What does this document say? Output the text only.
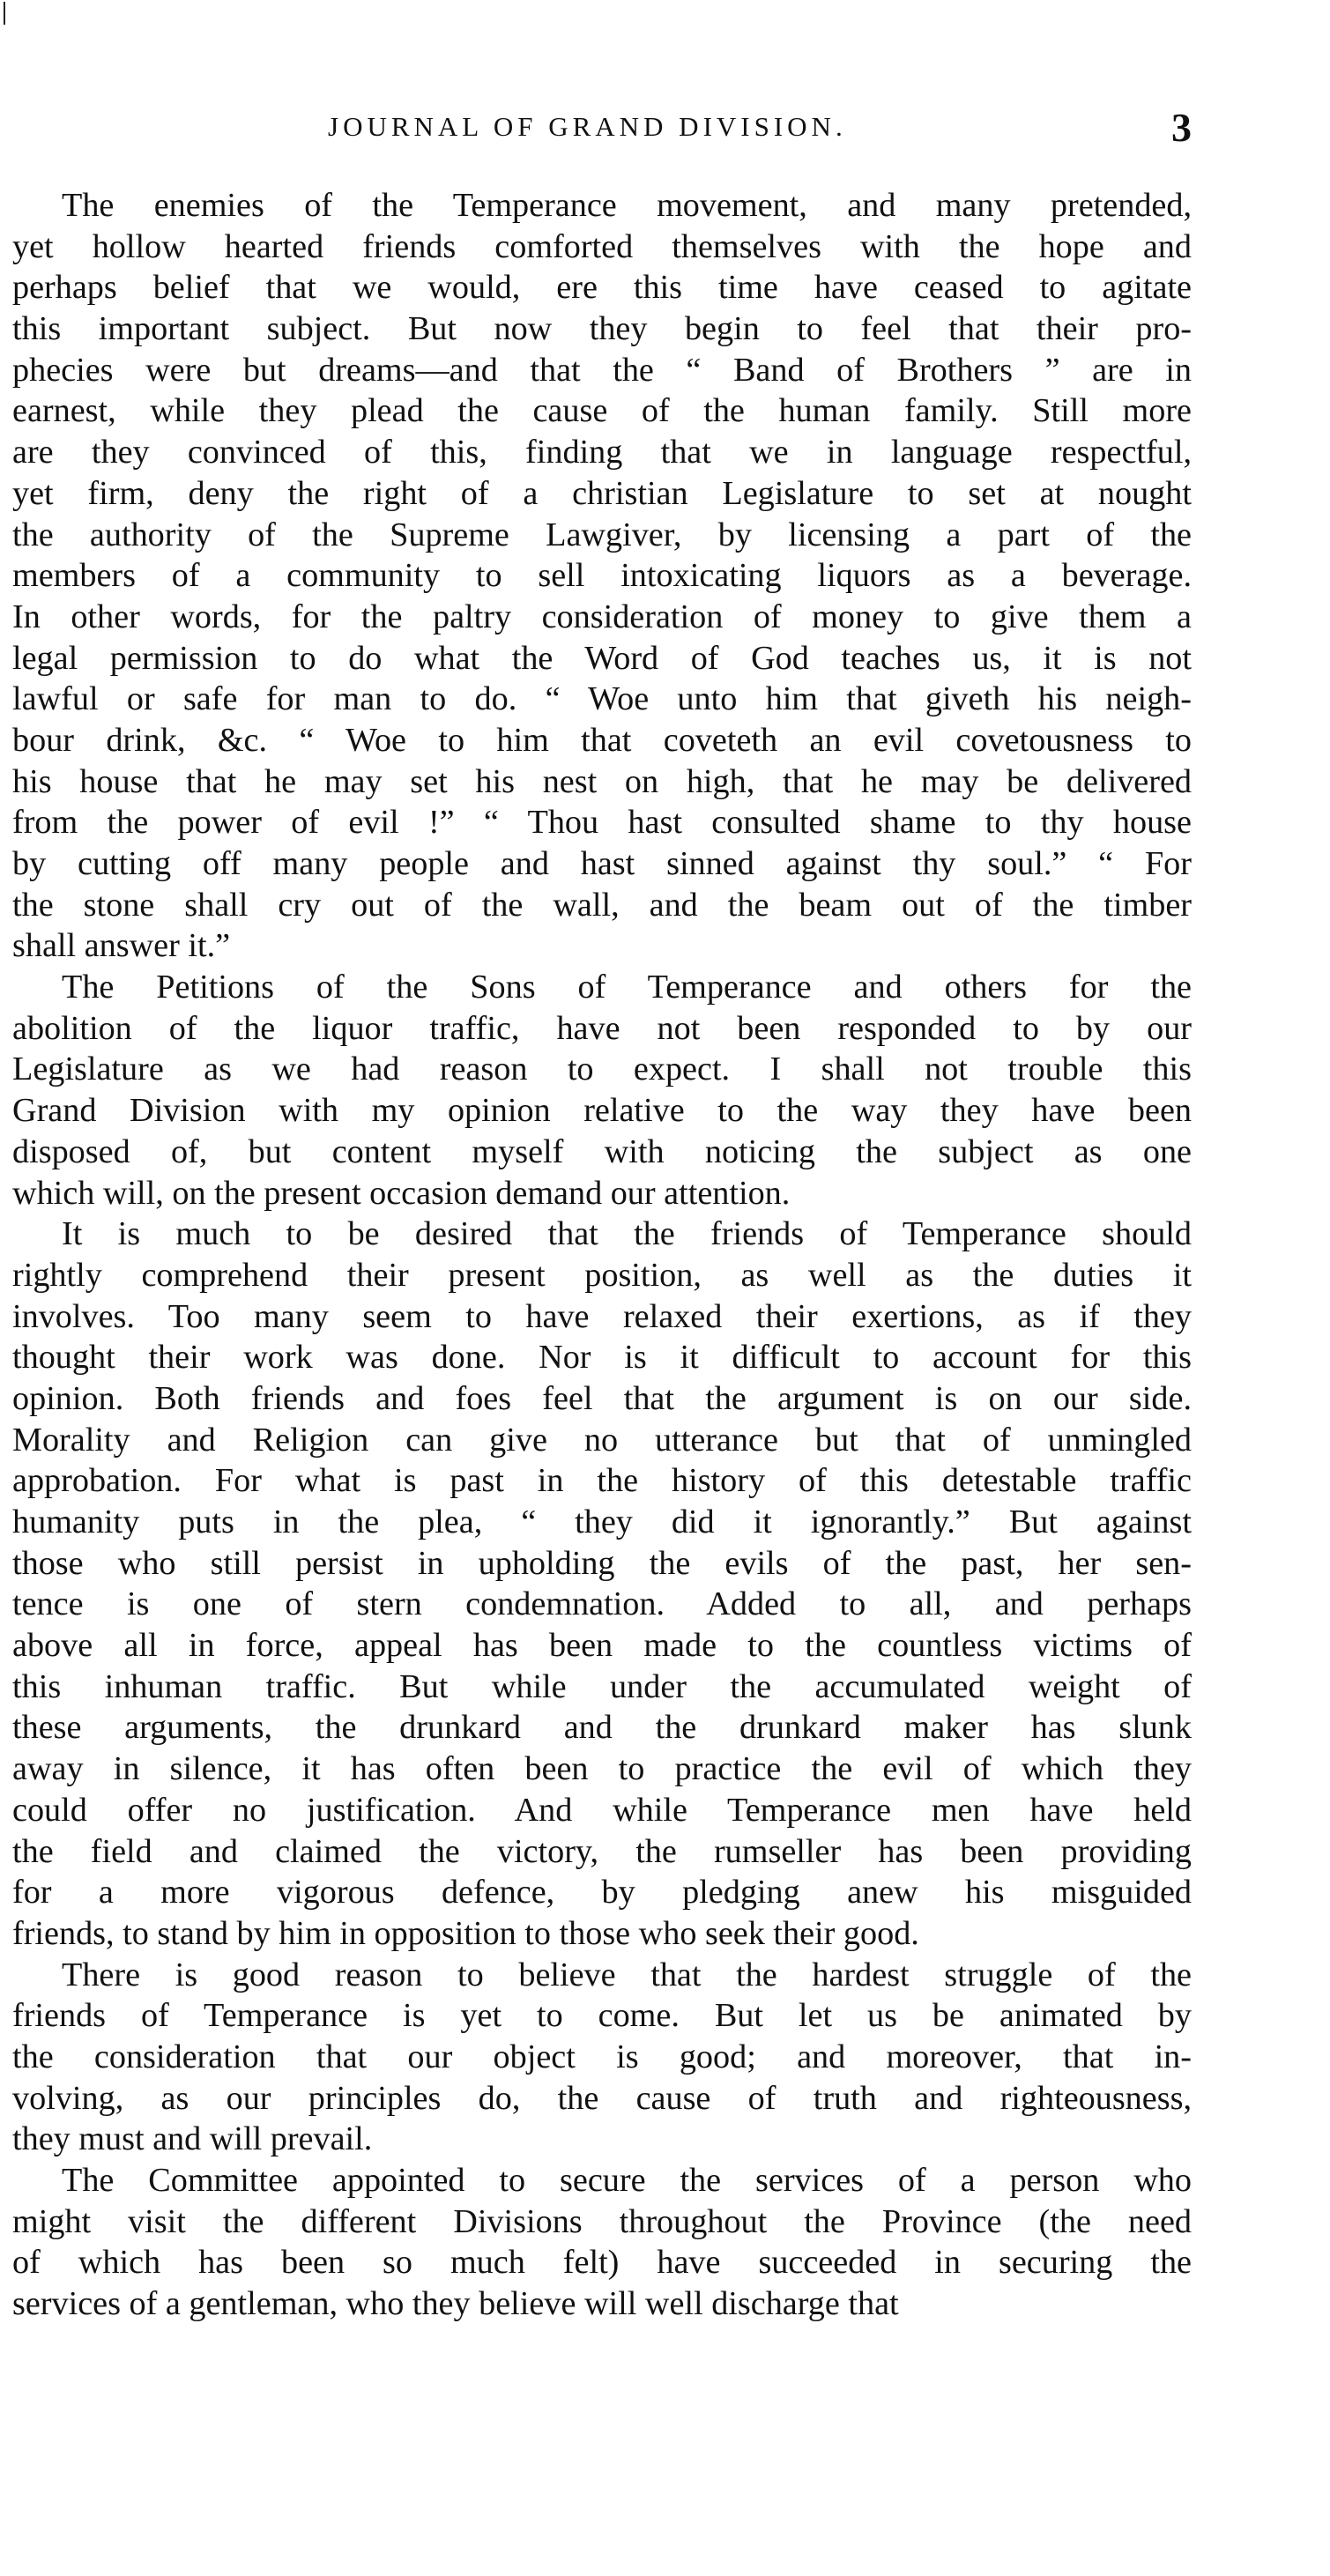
JOURNAL OF GRAND DIVISION.	3

The enemies of the Temperance movement, and many pretended,
yet hollow hearted friends comforted themselves with the hope and
perhaps belief that we would, ere this time have ceased to agitate
this important subject. But now they begin to feel that their pro-
phecies were but dreams—and that the “ Band of Brothers ” are in
earnest, while they plead the cause of the human family. Still more
are they convinced of this, finding that we in language respectful,
yet firm, deny the right of a christian Legislature to set at nought
the authority of the Supreme Lawgiver, by licensing a part of the
members of a community to sell intoxicating liquors as a beverage.
In other words, for the paltry consideration of money to give them a
legal permission to do what the Word of God teaches us, it is not
lawful or safe for man to do. “ Woe unto him that giveth his neigh-
bour drink, &c. “ Woe to him that coveteth an evil covetousness to
his house that he may set his nest on high, that he may be delivered
from the power of evil !” “ Thou hast consulted shame to thy house
by cutting off many people and hast sinned against thy soul.” “ For
the stone shall cry out of the wall, and the beam out of the timber
shall answer it.”

The Petitions of the Sons of Temperance and others for the
abolition of the liquor traffic, have not been responded to by our
Legislature as we had reason to expect. I shall not trouble this
Grand Division with my opinion relative to the way they have been
disposed of, but content myself with noticing the subject as one
which will, on the present occasion demand our attention.

It is much to be desired that the friends of Temperance should
rightly comprehend their present position, as well as the duties it
involves. Too many seem to have relaxed their exertions, as if they
thought their work was done. Nor is it difficult to account for this
opinion. Both friends and foes feel that the argument is on our side.
Morality and Religion can give no utterance but that of unmingled
approbation. For what is past in the history of this detestable traffic
humanity puts in the plea, “ they did it ignorantly.” But against
those who still persist in upholding the evils of the past, her sen-
tence is one of stern condemnation. Added to all, and perhaps
above all in force, appeal has been made to the countless victims of
this inhuman traffic. But while under the accumulated weight of
these arguments, the drunkard and the drunkard maker has slunk
away in silence, it has often been to practice the evil of which they
could offer no justification. And while Temperance men have held
the field and claimed the victory, the rumseller has been providing
for a more vigorous defence, by pledging anew his misguided
friends, to stand by him in opposition to those who seek their good.

There is good reason to believe that the hardest struggle of the
friends of Temperance is yet to come. But let us be animated by
the consideration that our object is good; and moreover, that in-
volving, as our principles do, the cause of truth and righteousness,
they must and will prevail.

The Committee appointed to secure the services of a person who
might visit the different Divisions throughout the Province (the need
of which has been so much felt) have succeeded in securing the
services of a gentleman, who they believe will well discharge that
